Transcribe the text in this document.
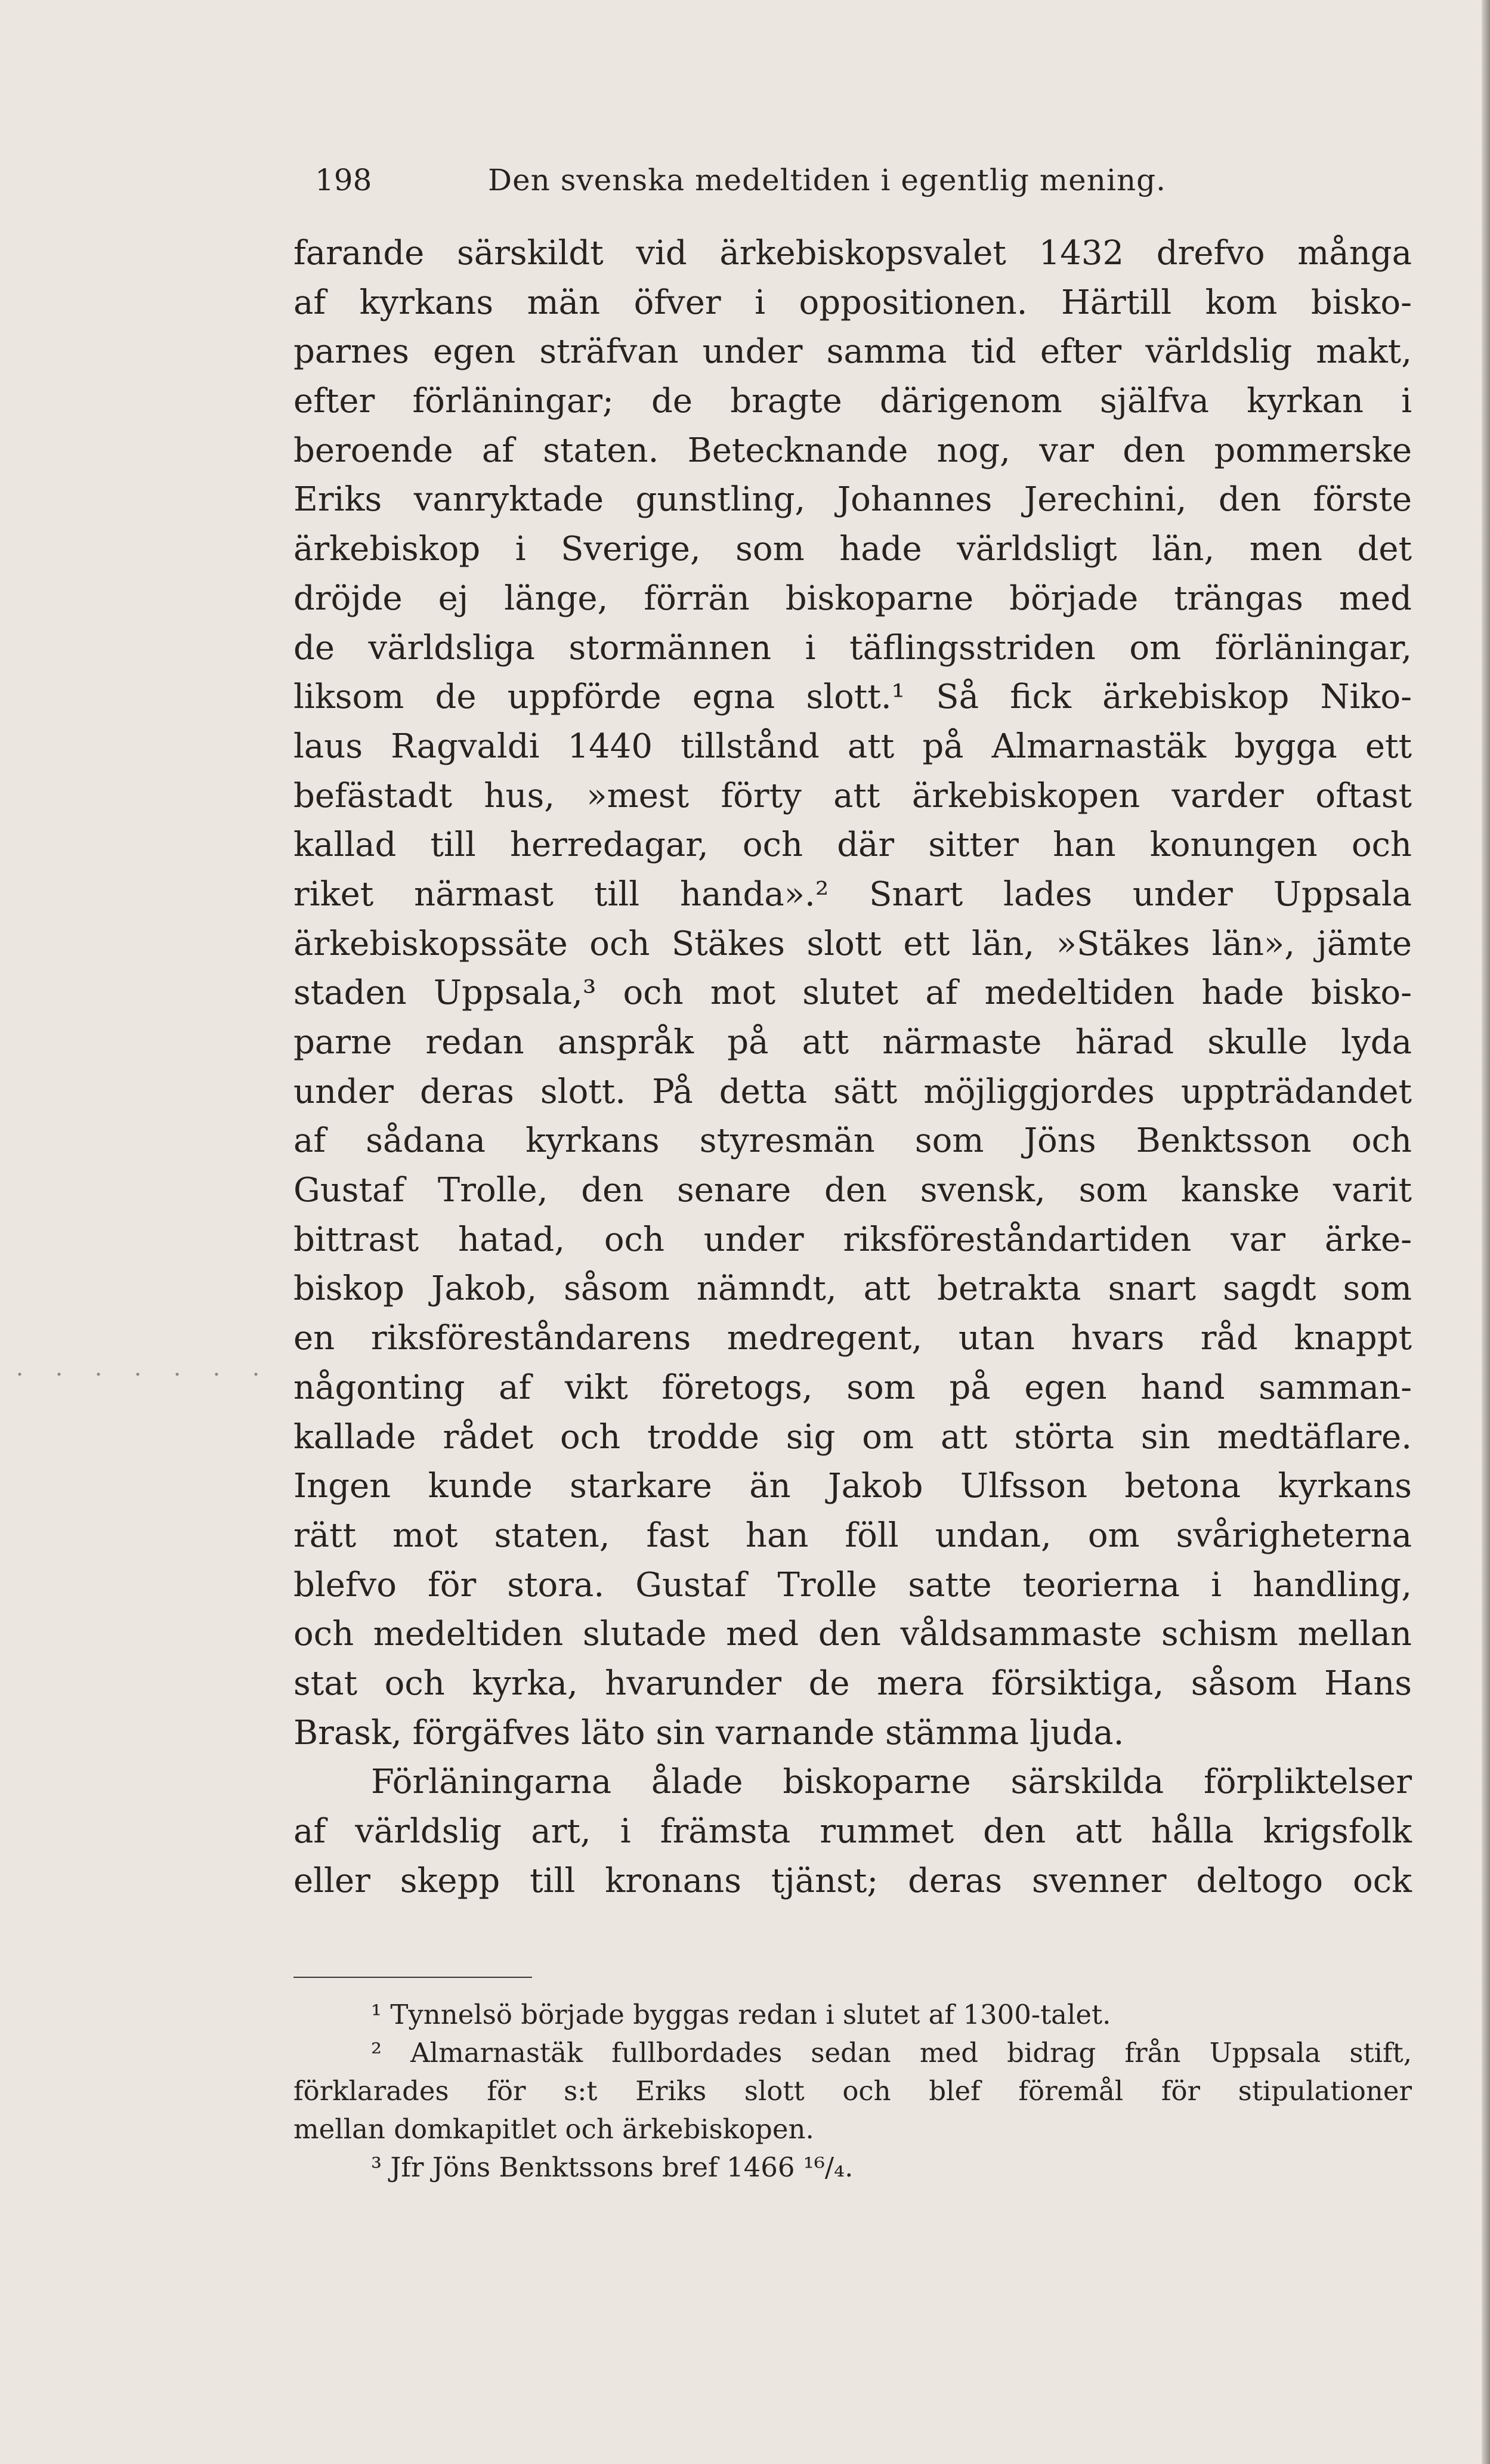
198	Den svenska medeltiden i egentlig mening.
farande särskildt vid ärkebiskopsvalet 1432 drefvo många
af kyrkans män öfver i oppositionen. Härtill kom bisko-
parnes egen sträfvan under samma tid efter världslig makt,
efter förläningar; de bragte därigenom själfva kyrkan i
beroende af staten. Betecknande nog, var den pommerske
Eriks vanryktade gunstling, Johannes Jerechini, den förste
ärkebiskop i Sverige, som hade världsligt län, men det
dröjde ej länge, förrän biskoparne började trängas med
de världsliga stormännen i täflingsstriden om förläningar,
liksom de uppförde egna slott.¹ Så fick ärkebiskop Niko-
laus Ragvaldi 1440 tillstånd att på Almarnastäk bygga ett
befästadt hus, »mest förty att ärkebiskopen varder oftast
kallad till herredagar, och där sitter han konungen och
riket närmast till handa».² Snart lades under Uppsala
ärkebiskopssäte och Stäkes slott ett län, »Stäkes län», jämte
staden Uppsala,³ och mot slutet af medeltiden hade bisko-
parne redan anspråk på att närmaste härad skulle lyda
under deras slott. På detta sätt möjliggjordes uppträdandet
af sådana kyrkans styresmän som Jöns Benktsson och
Gustaf Trolle, den senare den svensk, som kanske varit
bittrast hatad, och under riksföreståndartiden var ärke-
biskop Jakob, såsom nämndt, att betrakta snart sagdt som
en riksföreståndarens medregent, utan hvars råd knappt
någonting af vikt företogs, som på egen hand samman-
kallade rådet och trodde sig om att störta sin medtäflare.
Ingen kunde starkare än Jakob Ulfsson betona kyrkans
rätt mot staten, fast han föll undan, om svårigheterna
blefvo för stora. Gustaf Trolle satte teorierna i handling,
och medeltiden slutade med den våldsammaste schism mellan
stat och kyrka, hvarunder de mera försiktiga, såsom Hans
Brask, förgäfves läto sin varnande stämma ljuda.
Förläningarna ålade biskoparne särskilda förpliktelser
af världslig art, i främsta rummet den att hålla krigsfolk
eller skepp till kronans tjänst; deras svenner deltogo ock
¹ Tynnelsö började byggas redan i slutet af 1300-talet.
² Almarnastäk fullbordades sedan med bidrag från Uppsala stift,
förklarades för s:t Eriks slott och blef föremål för stipulationer
mellan domkapitlet och ärkebiskopen.
³ Jfr Jöns Benktssons bref 1466 ¹⁶/₄.
